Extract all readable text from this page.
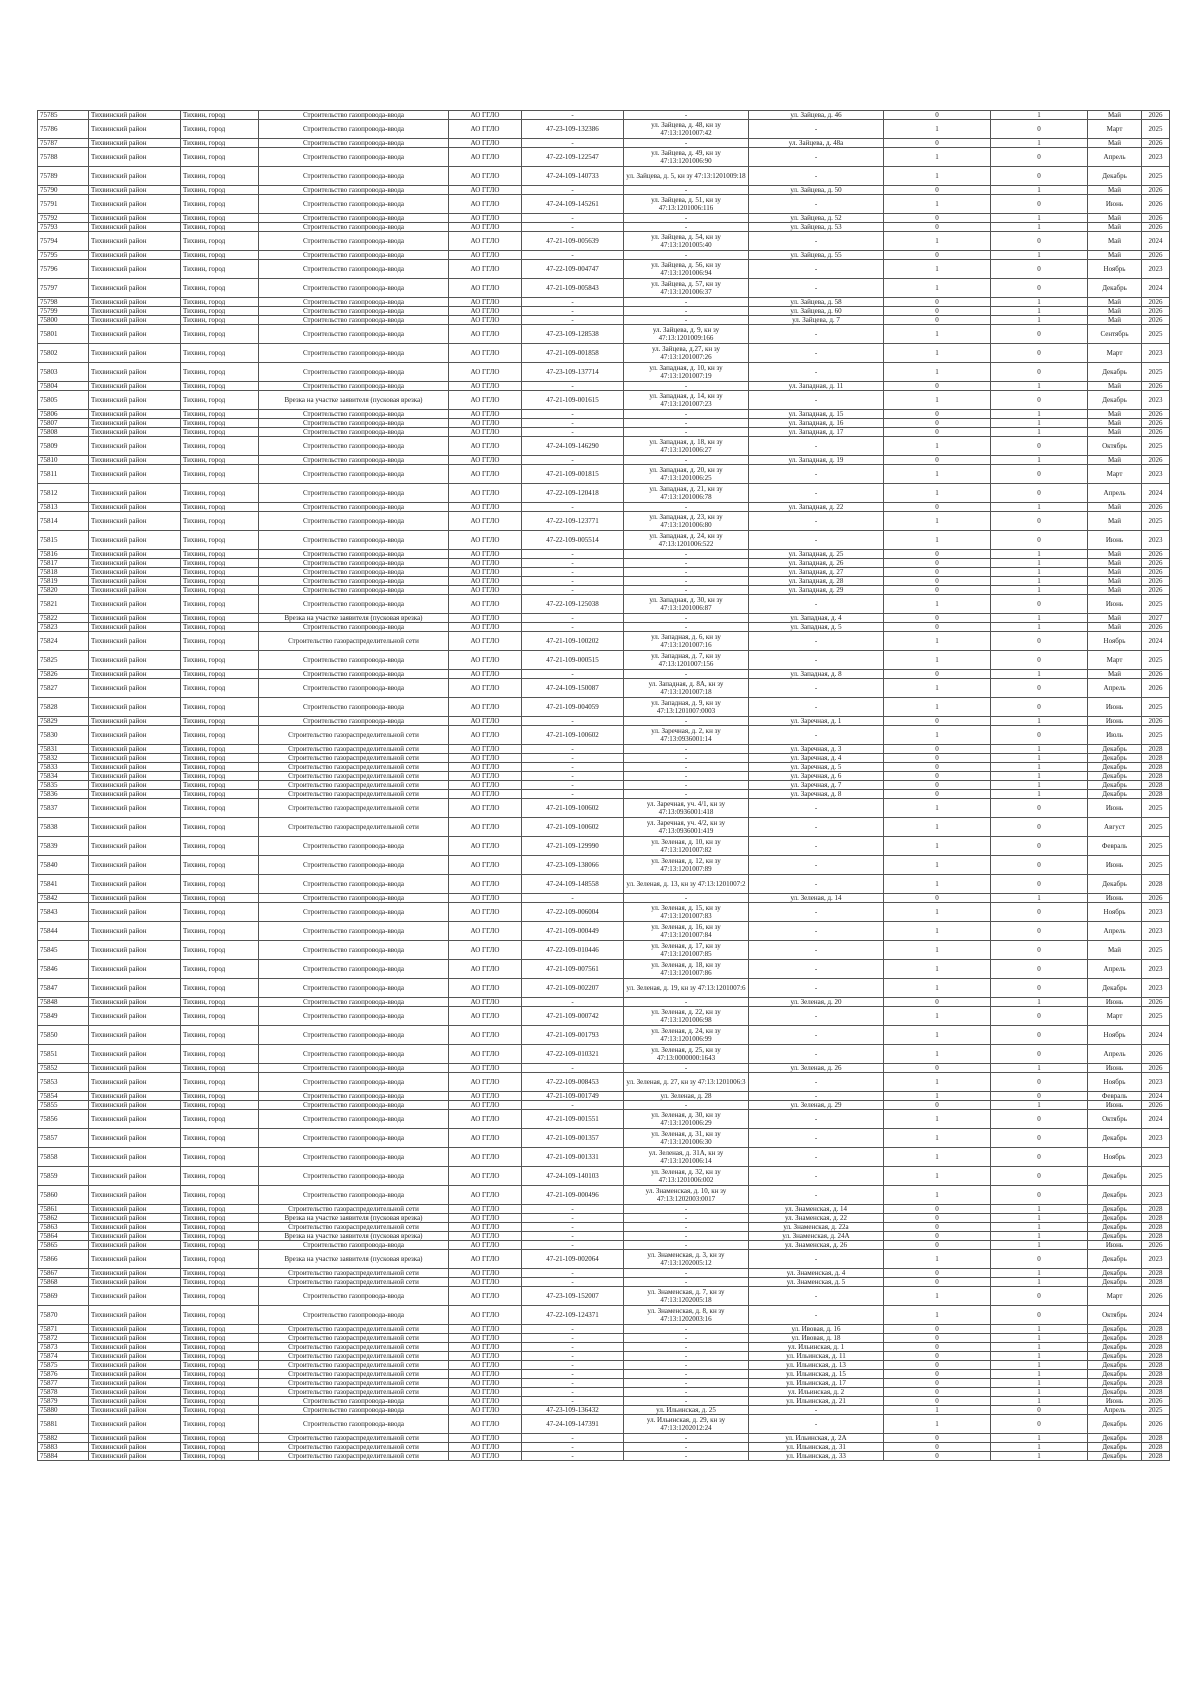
75785	Тихвинский район	Тихвин, город	Строительство газопровода-ввода	АО ГГЛО	-	-	ул. Зайцева, д. 46	0	1	Май	2026
75786	Тихвинский район	Тихвин, город	Строительство газопровода-ввода	АО ГГЛО	47-23-109-132386	ул. Зайцева, д. 48, кн зу 47:13:1201007:42	-	1	0	Март	2025
75787	Тихвинский район	Тихвин, город	Строительство газопровода-ввода	АО ГГЛО	-	-	ул. Зайцева, д. 48а	0	1	Май	2026
75788	Тихвинский район	Тихвин, город	Строительство газопровода-ввода	АО ГГЛО	47-22-109-122547	ул. Зайцева, д. 49, кн зу 47:13:1201006:90	-	1	0	Апрель	2023
75789	Тихвинский район	Тихвин, город	Строительство газопровода-ввода	АО ГГЛО	47-24-109-140733	ул. Зайцева, д. 5, кн зу 47:13:1201009:18	-	1	0	Декабрь	2025
75790	Тихвинский район	Тихвин, город	Строительство газопровода-ввода	АО ГГЛО	-	-	ул. Зайцева, д. 50	0	1	Май	2026
75791	Тихвинский район	Тихвин, город	Строительство газопровода-ввода	АО ГГЛО	47-24-109-145261	ул. Зайцева, д. 51, кн зу 47:13:1201006:116	-	1	0	Июнь	2026
75792	Тихвинский район	Тихвин, город	Строительство газопровода-ввода	АО ГГЛО	-	-	ул. Зайцева, д. 52	0	1	Май	2026
75793	Тихвинский район	Тихвин, город	Строительство газопровода-ввода	АО ГГЛО	-	-	ул. Зайцева, д. 53	0	1	Май	2026
75794	Тихвинский район	Тихвин, город	Строительство газопровода-ввода	АО ГГЛО	47-21-109-005639	ул. Зайцева, д. 54, кн зу 47:13:1201005:40	-	1	0	Май	2024
75795	Тихвинский район	Тихвин, город	Строительство газопровода-ввода	АО ГГЛО	-	-	ул. Зайцева, д. 55	0	1	Май	2026
75796	Тихвинский район	Тихвин, город	Строительство газопровода-ввода	АО ГГЛО	47-22-109-004747	ул. Зайцева, д. 56, кн зу 47:13:1201006:94	-	1	0	Ноябрь	2023
75797	Тихвинский район	Тихвин, город	Строительство газопровода-ввода	АО ГГЛО	47-21-109-005843	ул. Зайцева, д. 57, кн зу 47:13:1201006:37	-	1	0	Декабрь	2024
75798	Тихвинский район	Тихвин, город	Строительство газопровода-ввода	АО ГГЛО	-	-	ул. Зайцева, д. 58	0	1	Май	2026
75799	Тихвинский район	Тихвин, город	Строительство газопровода-ввода	АО ГГЛО	-	-	ул. Зайцева, д. 60	0	1	Май	2026
75800	Тихвинский район	Тихвин, город	Строительство газопровода-ввода	АО ГГЛО	-	-	ул. Зайцева, д. 7	0	1	Май	2026
75801	Тихвинский район	Тихвин, город	Строительство газопровода-ввода	АО ГГЛО	47-23-109-128538	ул. Зайцева, д. 9, кн зу 47:13:1201009:166	-	1	0	Сентябрь	2025
75802	Тихвинский район	Тихвин, город	Строительство газопровода-ввода	АО ГГЛО	47-21-109-001858	ул. Зайцева, д.27, кн зу 47:13:1201007:26	-	1	0	Март	2023
75803	Тихвинский район	Тихвин, город	Строительство газопровода-ввода	АО ГГЛО	47-23-109-137714	ул. Западная, д. 10, кн зу 47:13:1201007:19	-	1	0	Декабрь	2025
75804	Тихвинский район	Тихвин, город	Строительство газопровода-ввода	АО ГГЛО	-	-	ул. Западная, д. 11	0	1	Май	2026
75805	Тихвинский район	Тихвин, город	Врезка на участке заявителя (пусковая врезка)	АО ГГЛО	47-21-109-001615	ул. Западная, д. 14, кн зу 47:13:1201007:23	-	1	0	Декабрь	2023
75806	Тихвинский район	Тихвин, город	Строительство газопровода-ввода	АО ГГЛО	-	-	ул. Западная, д. 15	0	1	Май	2026
75807	Тихвинский район	Тихвин, город	Строительство газопровода-ввода	АО ГГЛО	-	-	ул. Западная, д. 16	0	1	Май	2026
75808	Тихвинский район	Тихвин, город	Строительство газопровода-ввода	АО ГГЛО	-	-	ул. Западная, д. 17	0	1	Май	2026
75809	Тихвинский район	Тихвин, город	Строительство газопровода-ввода	АО ГГЛО	47-24-109-146290	ул. Западная, д. 18, кн зу 47:13:1201006:27	-	1	0	Октябрь	2025
75810	Тихвинский район	Тихвин, город	Строительство газопровода-ввода	АО ГГЛО	-	-	ул. Западная, д. 19	0	1	Май	2026
75811	Тихвинский район	Тихвин, город	Строительство газопровода-ввода	АО ГГЛО	47-21-109-001815	ул. Западная, д. 20, кн зу 47:13:1201006:25	-	1	0	Март	2023
75812	Тихвинский район	Тихвин, город	Строительство газопровода-ввода	АО ГГЛО	47-22-109-120418	ул. Западная, д. 21, кн зу 47:13:1201006:78	-	1	0	Апрель	2024
75813	Тихвинский район	Тихвин, город	Строительство газопровода-ввода	АО ГГЛО	-	-	ул. Западная, д. 22	0	1	Май	2026
75814	Тихвинский район	Тихвин, город	Строительство газопровода-ввода	АО ГГЛО	47-22-109-123771	ул. Западная, д. 23, кн зу 47:13:1201006:80	-	1	0	Май	2025
75815	Тихвинский район	Тихвин, город	Строительство газопровода-ввода	АО ГГЛО	47-22-109-005514	ул. Западная, д. 24, кн зу 47:13:1201006:522	-	1	0	Июнь	2023
75816	Тихвинский район	Тихвин, город	Строительство газопровода-ввода	АО ГГЛО	-	-	ул. Западная, д. 25	0	1	Май	2026
75817	Тихвинский район	Тихвин, город	Строительство газопровода-ввода	АО ГГЛО	-	-	ул. Западная, д. 26	0	1	Май	2026
75818	Тихвинский район	Тихвин, город	Строительство газопровода-ввода	АО ГГЛО	-	-	ул. Западная, д. 27	0	1	Май	2026
75819	Тихвинский район	Тихвин, город	Строительство газопровода-ввода	АО ГГЛО	-	-	ул. Западная, д. 28	0	1	Май	2026
75820	Тихвинский район	Тихвин, город	Строительство газопровода-ввода	АО ГГЛО	-	-	ул. Западная, д. 29	0	1	Май	2026
75821	Тихвинский район	Тихвин, город	Строительство газопровода-ввода	АО ГГЛО	47-22-109-125038	ул. Западная, д. 30, кн зу 47:13:1201006:87	-	1	0	Июнь	2025
75822	Тихвинский район	Тихвин, город	Врезка на участке заявителя (пусковая врезка)	АО ГГЛО	-	-	ул. Западная, д. 4	0	1	Май	2027
75823	Тихвинский район	Тихвин, город	Строительство газопровода-ввода	АО ГГЛО	-	-	ул. Западная, д. 5	0	1	Май	2026
75824	Тихвинский район	Тихвин, город	Строительство газораспределительной сети	АО ГГЛО	47-21-109-100202	ул. Западная, д. 6, кн зу 47:13:1201007:16	-	1	0	Ноябрь	2024
75825	Тихвинский район	Тихвин, город	Строительство газопровода-ввода	АО ГГЛО	47-21-109-000515	ул. Западная, д. 7, кн зу 47:13:1201007:156	-	1	0	Март	2025
75826	Тихвинский район	Тихвин, город	Строительство газопровода-ввода	АО ГГЛО	-	-	ул. Западная, д. 8	0	1	Май	2026
75827	Тихвинский район	Тихвин, город	Строительство газопровода-ввода	АО ГГЛО	47-24-109-150087	ул. Западная, д. 8А, кн зу 47:13:1201007:18	-	1	0	Апрель	2026
75828	Тихвинский район	Тихвин, город	Строительство газопровода-ввода	АО ГГЛО	47-21-109-004059	ул. Западная, д. 9, кн зу 47:13:1201007:0003	-	1	0	Июнь	2025
75829	Тихвинский район	Тихвин, город	Строительство газопровода-ввода	АО ГГЛО	-	-	ул. Заречная, д. 1	0	1	Июнь	2026
75830	Тихвинский район	Тихвин, город	Строительство газораспределительной сети	АО ГГЛО	47-21-109-100602	ул. Заречная, д. 2, кн зу 47:13:0936001:14	-	1	0	Июль	2025
75831	Тихвинский район	Тихвин, город	Строительство газораспределительной сети	АО ГГЛО	-	-	ул. Заречная, д. 3	0	1	Декабрь	2028
75832	Тихвинский район	Тихвин, город	Строительство газораспределительной сети	АО ГГЛО	-	-	ул. Заречная, д. 4	0	1	Декабрь	2028
75833	Тихвинский район	Тихвин, город	Строительство газораспределительной сети	АО ГГЛО	-	-	ул. Заречная, д. 5	0	1	Декабрь	2028
75834	Тихвинский район	Тихвин, город	Строительство газораспределительной сети	АО ГГЛО	-	-	ул. Заречная, д. 6	0	1	Декабрь	2028
75835	Тихвинский район	Тихвин, город	Строительство газораспределительной сети	АО ГГЛО	-	-	ул. Заречная, д. 7	0	1	Декабрь	2028
75836	Тихвинский район	Тихвин, город	Строительство газораспределительной сети	АО ГГЛО	-	-	ул. Заречная, д. 8	0	1	Декабрь	2028
75837	Тихвинский район	Тихвин, город	Строительство газораспределительной сети	АО ГГЛО	47-21-109-100602	ул. Заречная, уч. 4/1, кн зу 47:13:0936001:418	-	1	0	Июнь	2025
75838	Тихвинский район	Тихвин, город	Строительство газораспределительной сети	АО ГГЛО	47-21-109-100602	ул. Заречная, уч. 4/2, кн зу 47:13:0936001:419	-	1	0	Август	2025
75839	Тихвинский район	Тихвин, город	Строительство газопровода-ввода	АО ГГЛО	47-21-109-129990	ул. Зеленая, д. 10, кн зу 47:13:1201007:82	-	1	0	Февраль	2025
75840	Тихвинский район	Тихвин, город	Строительство газопровода-ввода	АО ГГЛО	47-23-109-138066	ул. Зеленая, д. 12, кн зу 47:13:1201007:89	-	1	0	Июнь	2025
75841	Тихвинский район	Тихвин, город	Строительство газопровода-ввода	АО ГГЛО	47-24-109-148558	ул. Зеленая, д. 13, кн зу 47:13:1201007:2	-	1	0	Декабрь	2028
75842	Тихвинский район	Тихвин, город	Строительство газопровода-ввода	АО ГГЛО	-	-	ул. Зеленая, д. 14	0	1	Июнь	2026
75843	Тихвинский район	Тихвин, город	Строительство газопровода-ввода	АО ГГЛО	47-22-109-006004	ул. Зеленая, д. 15, кн зу 47:13:1201007:83	-	1	0	Ноябрь	2023
75844	Тихвинский район	Тихвин, город	Строительство газопровода-ввода	АО ГГЛО	47-21-109-000449	ул. Зеленая, д. 16, кн зу 47:13:1201007:84	-	1	0	Апрель	2023
75845	Тихвинский район	Тихвин, город	Строительство газопровода-ввода	АО ГГЛО	47-22-109-010446	ул. Зеленая, д. 17, кн зу 47:13:1201007:85	-	1	0	Май	2025
75846	Тихвинский район	Тихвин, город	Строительство газопровода-ввода	АО ГГЛО	47-21-109-007561	ул. Зеленая, д. 18, кн зу 47:13:1201007:86	-	1	0	Апрель	2023
75847	Тихвинский район	Тихвин, город	Строительство газопровода-ввода	АО ГГЛО	47-21-109-002207	ул. Зеленая, д. 19, кн зу 47:13:1201007:6	-	1	0	Декабрь	2023
75848	Тихвинский район	Тихвин, город	Строительство газопровода-ввода	АО ГГЛО	-	-	ул. Зеленая, д. 20	0	1	Июнь	2026
75849	Тихвинский район	Тихвин, город	Строительство газопровода-ввода	АО ГГЛО	47-21-109-000742	ул. Зеленая, д. 22, кн зу 47:13:1201006:98	-	1	0	Март	2025
75850	Тихвинский район	Тихвин, город	Строительство газопровода-ввода	АО ГГЛО	47-21-109-001793	ул. Зеленая, д. 24, кн зу 47:13:1201006:99	-	1	0	Ноябрь	2024
75851	Тихвинский район	Тихвин, город	Строительство газопровода-ввода	АО ГГЛО	47-22-109-010321	ул. Зеленая, д. 25, кн зу 47:13:0000000:1643	-	1	0	Апрель	2026
75852	Тихвинский район	Тихвин, город	Строительство газопровода-ввода	АО ГГЛО	-	-	ул. Зеленая, д. 26	0	1	Июнь	2026
75853	Тихвинский район	Тихвин, город	Строительство газопровода-ввода	АО ГГЛО	47-22-109-008453	ул. Зеленая, д. 27, кн зу 47:13:1201006:3	-	1	0	Ноябрь	2023
75854	Тихвинский район	Тихвин, город	Строительство газопровода-ввода	АО ГГЛО	47-21-109-001749	ул. Зеленая, д. 28	-	1	0	Февраль	2024
75855	Тихвинский район	Тихвин, город	Строительство газопровода-ввода	АО ГГЛО	-	-	ул. Зеленая, д. 29	0	1	Июнь	2026
75856	Тихвинский район	Тихвин, город	Строительство газопровода-ввода	АО ГГЛО	47-21-109-001551	ул. Зеленая, д. 30, кн зу 47:13:1201006:29	-	1	0	Октябрь	2024
75857	Тихвинский район	Тихвин, город	Строительство газопровода-ввода	АО ГГЛО	47-21-109-001357	ул. Зеленая, д. 31, кн зу 47:13:1201006:30	-	1	0	Декабрь	2023
75858	Тихвинский район	Тихвин, город	Строительство газопровода-ввода	АО ГГЛО	47-21-109-001331	ул. Зеленая, д. 31А, кн зу 47:13:1201006:14	-	1	0	Ноябрь	2023
75859	Тихвинский район	Тихвин, город	Строительство газопровода-ввода	АО ГГЛО	47-24-109-140103	ул. Зеленая, д. 32, кн зу 47:13:1201006:002	-	1	0	Декабрь	2025
75860	Тихвинский район	Тихвин, город	Строительство газопровода-ввода	АО ГГЛО	47-21-109-000496	ул. Знаменская, д. 10, кн зу 47:13:1202003:0017	-	1	0	Декабрь	2023
75861	Тихвинский район	Тихвин, город	Строительство газораспределительной сети	АО ГГЛО	-	-	ул. Знаменская, д. 14	0	1	Декабрь	2028
75862	Тихвинский район	Тихвин, город	Врезка на участке заявителя (пусковая врезка)	АО ГГЛО	-	-	ул. Знаменская, д. 22	0	1	Декабрь	2028
75863	Тихвинский район	Тихвин, город	Строительство газораспределительной сети	АО ГГЛО	-	-	ул. Знаменская, д. 22а	0	1	Декабрь	2028
75864	Тихвинский район	Тихвин, город	Врезка на участке заявителя (пусковая врезка)	АО ГГЛО	-	-	ул. Знаменская, д. 24А	0	1	Декабрь	2028
75865	Тихвинский район	Тихвин, город	Строительство газопровода-ввода	АО ГГЛО	-	-	ул. Знаменская, д. 26	0	1	Июнь	2026
75866	Тихвинский район	Тихвин, город	Врезка на участке заявителя (пусковая врезка)	АО ГГЛО	47-21-109-002064	ул. Знаменская, д. 3, кн зу 47:13:1202005:12	-	1	0	Декабрь	2023
75867	Тихвинский район	Тихвин, город	Строительство газораспределительной сети	АО ГГЛО	-	-	ул. Знаменская, д. 4	0	1	Декабрь	2028
75868	Тихвинский район	Тихвин, город	Строительство газораспределительной сети	АО ГГЛО	-	-	ул. Знаменская, д. 5	0	1	Декабрь	2028
75869	Тихвинский район	Тихвин, город	Строительство газопровода-ввода	АО ГГЛО	47-23-109-152007	ул. Знаменская, д. 7, кн зу 47:13:1202005:18	-	1	0	Март	2026
75870	Тихвинский район	Тихвин, город	Строительство газопровода-ввода	АО ГГЛО	47-22-109-124371	ул. Знаменская, д. 8, кн зу 47:13:1202003:16	-	1	0	Октябрь	2024
75871	Тихвинский район	Тихвин, город	Строительство газораспределительной сети	АО ГГЛО	-	-	ул. Ивовая, д. 16	0	1	Декабрь	2028
75872	Тихвинский район	Тихвин, город	Строительство газораспределительной сети	АО ГГЛО	-	-	ул. Ивовая, д. 18	0	1	Декабрь	2028
75873	Тихвинский район	Тихвин, город	Строительство газораспределительной сети	АО ГГЛО	-	-	ул. Ильинская, д. 1	0	1	Декабрь	2028
75874	Тихвинский район	Тихвин, город	Строительство газораспределительной сети	АО ГГЛО	-	-	ул. Ильинская, д. 11	0	1	Декабрь	2028
75875	Тихвинский район	Тихвин, город	Строительство газораспределительной сети	АО ГГЛО	-	-	ул. Ильинская, д. 13	0	1	Декабрь	2028
75876	Тихвинский район	Тихвин, город	Строительство газораспределительной сети	АО ГГЛО	-	-	ул. Ильинская, д. 15	0	1	Декабрь	2028
75877	Тихвинский район	Тихвин, город	Строительство газораспределительной сети	АО ГГЛО	-	-	ул. Ильинская, д. 17	0	1	Декабрь	2028
75878	Тихвинский район	Тихвин, город	Строительство газораспределительной сети	АО ГГЛО	-	-	ул. Ильинская, д. 2	0	1	Декабрь	2028
75879	Тихвинский район	Тихвин, город	Строительство газопровода-ввода	АО ГГЛО	-	-	ул. Ильинская, д. 21	0	1	Июнь	2026
75880	Тихвинский район	Тихвин, город	Строительство газопровода-ввода	АО ГГЛО	47-23-109-136432	ул. Ильинская, д. 25	-	1	0	Апрель	2025
75881	Тихвинский район	Тихвин, город	Строительство газопровода-ввода	АО ГГЛО	47-24-109-147391	ул. Ильинская, д. 29, кн зу 47:13:1202012:24	-	1	0	Декабрь	2026
75882	Тихвинский район	Тихвин, город	Строительство газораспределительной сети	АО ГГЛО	-	-	ул. Ильинская, д. 2А	0	1	Декабрь	2028
75883	Тихвинский район	Тихвин, город	Строительство газораспределительной сети	АО ГГЛО	-	-	ул. Ильинская, д. 31	0	1	Декабрь	2028
75884	Тихвинский район	Тихвин, город	Строительство газораспределительной сети	АО ГГЛО	-	-	ул. Ильинская, д. 33	0	1	Декабрь	2028
